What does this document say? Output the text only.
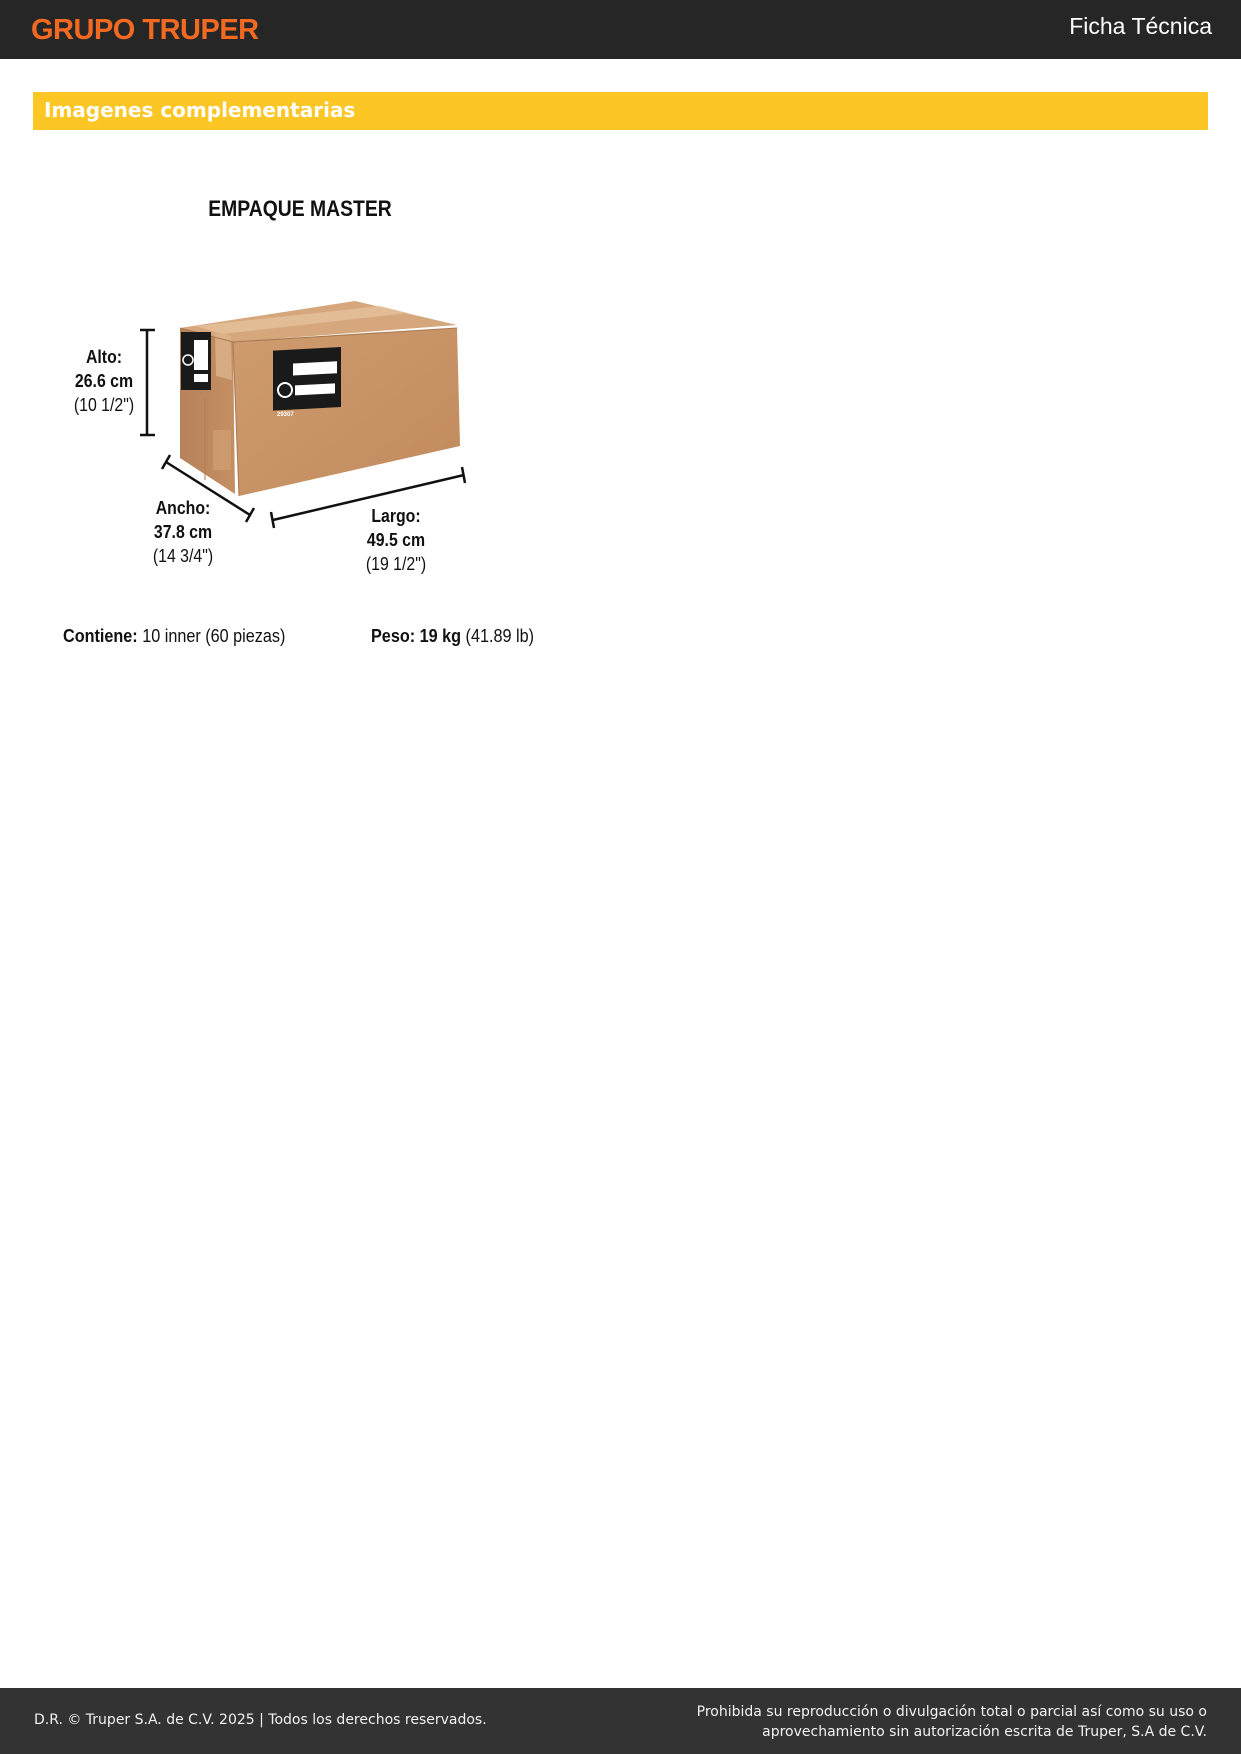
GRUPO TRUPER	Ficha Técnica
Imagenes complementarias
EMPAQUE MASTER
PRETUL
29307
Alto:
26.6 cm
(10 1/2")
Ancho:
37.8 cm
(14 3/4")
Largo:
49.5 cm
(19 1/2")
Contiene: 10 inner (60 piezas)	Peso: 19 kg (41.89 lb)
D.R. © Truper S.A. de C.V. 2025 | Todos los derechos reservados.	Prohibida su reproducción o divulgación total o parcial así como su uso o
aprovechamiento sin autorización escrita de Truper, S.A de C.V.
